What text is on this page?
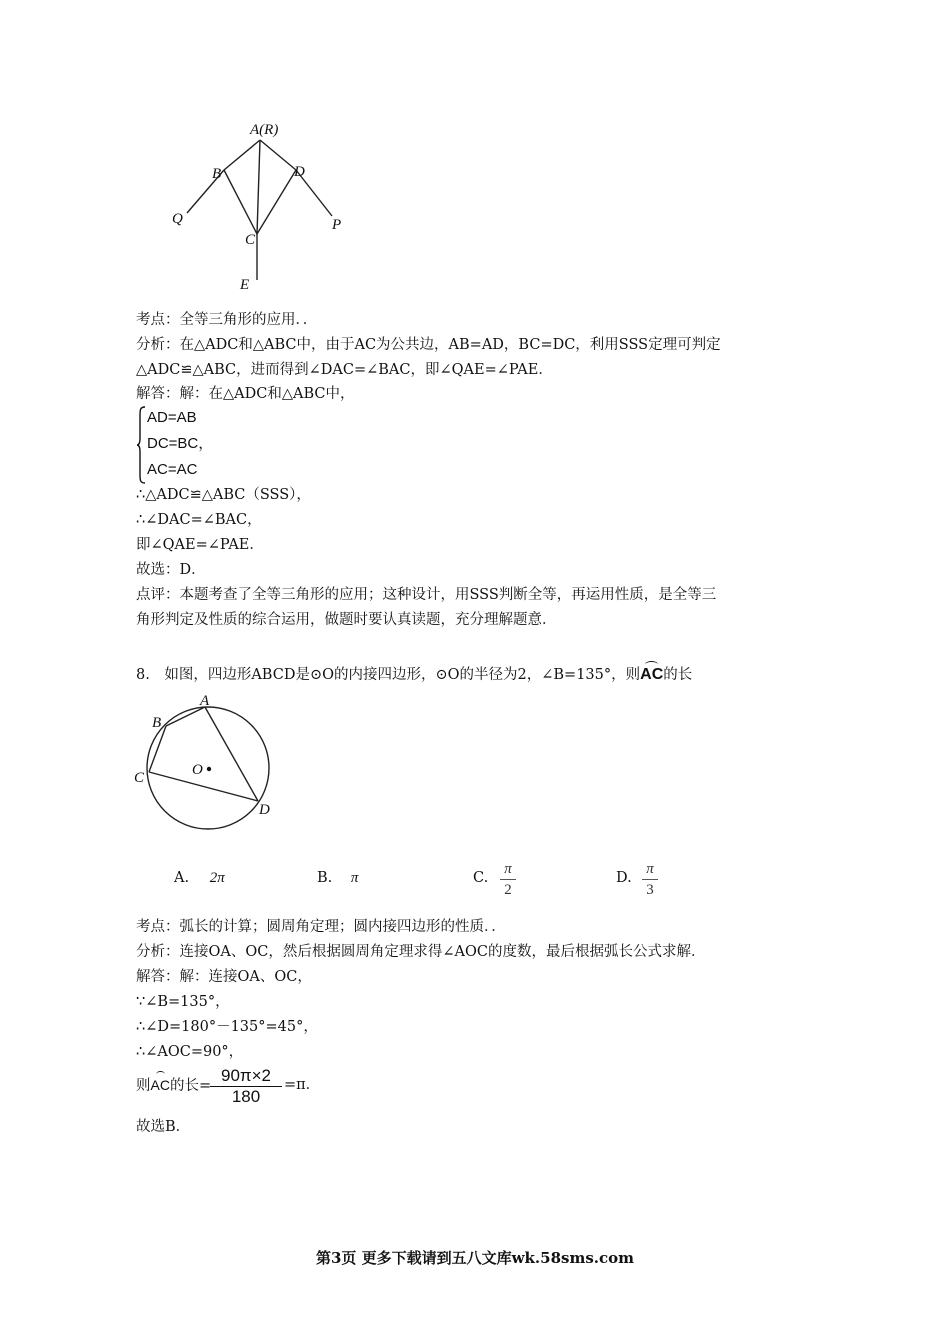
A(R)
B	D
Q
C
P
E
考点：全等三角形的应用．．
分析：在△ADC和△ABC中，由于AC为公共边，AB=AD，BC=DC，利用SSS定理可判定
△ADC≌△ABC，进而得到∠DAC=∠BAC，即∠QAE=∠PAE．
解答：解：在△ADC和△ABC中，
AD=AB
DC=BC，
AC=AC
∴△ADC≌△ABC（SSS），
∴∠DAC=∠BAC，
即∠QAE=∠PAE．
故选：D．
点评：本题考查了全等三角形的应用；这种设计，用SSS判断全等，再运用性质，是全等三
角形判定及性质的综合运用，做题时要认真读题，充分理解题意．
8.　如图，四边形ABCD是⊙O的内接四边形，⊙O的半径为2，∠B=135°，则AC的长
A
B
C
D
O
A. 2π	B. π	C.
π
2
D.
π
3
考点：弧长的计算；圆周角定理；圆内接四边形的性质．．
分析：连接OA、OC，然后根据圆周角定理求得∠AOC的度数，最后根据弧长公式求解．
解答：解：连接OA、OC，
∵∠B=135°，
∴∠D=180°－135°=45°，
∴∠AOC=90°，
则AC的长=
90π×2
180
=π．
故选B．
第3页 更多下载请到五八文库wk.58sms.com
